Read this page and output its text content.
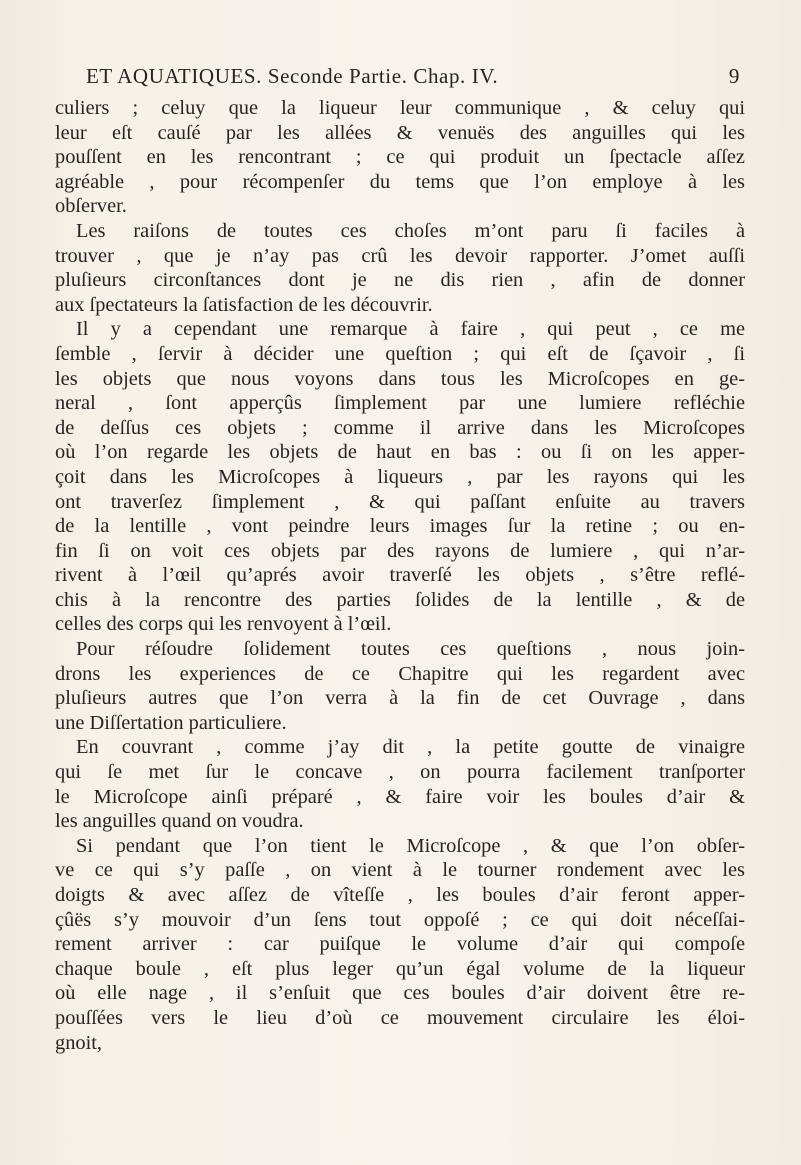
ET AQUATIQUES. Seconde Partie. Chap. IV.	9
culiers ; celuy que la liqueur leur communique , & celuy qui
leur eſt cauſé par les allées & venuës des anguilles qui les
pouſſent en les rencontrant ; ce qui produit un ſpectacle aſſez
agréable , pour récompenſer du tems que l’on employe à les
obſerver.
Les raiſons de toutes ces choſes m’ont paru ſi faciles à
trouver , que je n’ay pas crû les devoir rapporter. J’omet auſſi
pluſieurs circonſtances dont je ne dis rien , afin de donner
aux ſpectateurs la ſatisfaction de les découvrir.
Il y a cependant une remarque à faire , qui peut , ce me
ſemble , ſervir à décider une queſtion ; qui eſt de ſçavoir , ſi
les objets que nous voyons dans tous les Microſcopes en ge-
neral , ſont apperçûs ſimplement par une lumiere refléchie
de deſſus ces objets ; comme il arrive dans les Microſcopes
où l’on regarde les objets de haut en bas : ou ſi on les apper-
çoit dans les Microſcopes à liqueurs , par les rayons qui les
ont traverſez ſimplement , & qui paſſant enſuite au travers
de la lentille , vont peindre leurs images ſur la retine ; ou en-
fin ſi on voit ces objets par des rayons de lumiere , qui n’ar-
rivent à l’œil qu’aprés avoir traverſé les objets , s’être reflé-
chis à la rencontre des parties ſolides de la lentille , & de
celles des corps qui les renvoyent à l’œil.
Pour réſoudre ſolidement toutes ces queſtions , nous join-
drons les experiences de ce Chapitre qui les regardent avec
pluſieurs autres que l’on verra à la fin de cet Ouvrage , dans
une Diſſertation particuliere.
En couvrant , comme j’ay dit , la petite goutte de vinaigre
qui ſe met ſur le concave , on pourra facilement tranſporter
le Microſcope ainſi préparé , & faire voir les boules d’air &
les anguilles quand on voudra.
Si pendant que l’on tient le Microſcope , & que l’on obſer-
ve ce qui s’y paſſe , on vient à le tourner rondement avec les
doigts & avec aſſez de vîteſſe , les boules d’air feront apper-
çûës s’y mouvoir d’un ſens tout oppoſé ; ce qui doit néceſſai-
rement arriver : car puiſque le volume d’air qui compoſe
chaque boule , eſt plus leger qu’un égal volume de la liqueur
où elle nage , il s’enſuit que ces boules d’air doivent être re-
pouſſées vers le lieu d’où ce mouvement circulaire les éloi-
gnoit,
